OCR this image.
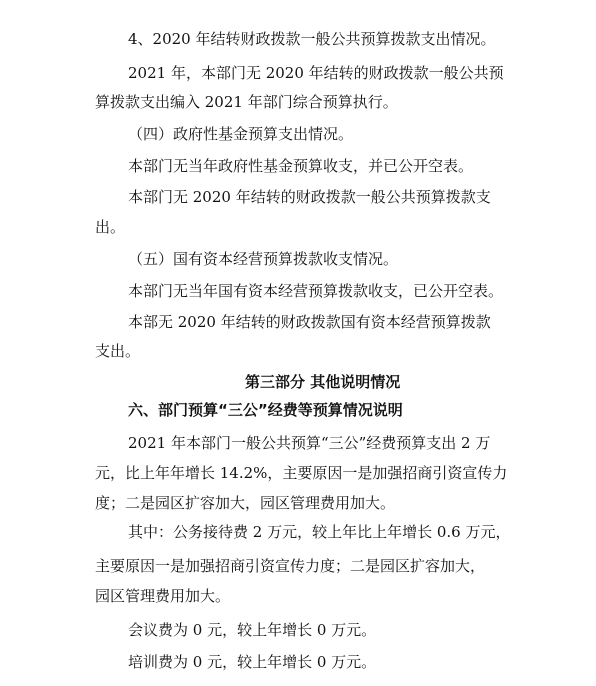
4、2020 年结转财政拨款一般公共预算拨款支出情况。
2021 年，本部门无 2020 年结转的财政拨款一般公共预
算拨款支出编入 2021 年部门综合预算执行。
（四）政府性基金预算支出情况。
本部门无当年政府性基金预算收支，并已公开空表。
本部门无 2020 年结转的财政拨款一般公共预算拨款支
出。
（五）国有资本经营预算拨款收支情况。
本部门无当年国有资本经营预算拨款收支，已公开空表。
本部无 2020 年结转的财政拨款国有资本经营预算拨款
支出。
第三部分 其他说明情况
六、部门预算“三公”经费等预算情况说明
2021 年本部门一般公共预算“三公”经费预算支出 2 万
元，比上年年增长 14.2%，主要原因一是加强招商引资宣传力
度；二是园区扩容加大，园区管理费用加大。
其中：公务接待费 2 万元，较上年比上年增长 0.6 万元，
主要原因一是加强招商引资宣传力度；二是园区扩容加大，
园区管理费用加大。
会议费为 0 元，较上年增长 0 万元。
培训费为 0 元，较上年增长 0 万元。
